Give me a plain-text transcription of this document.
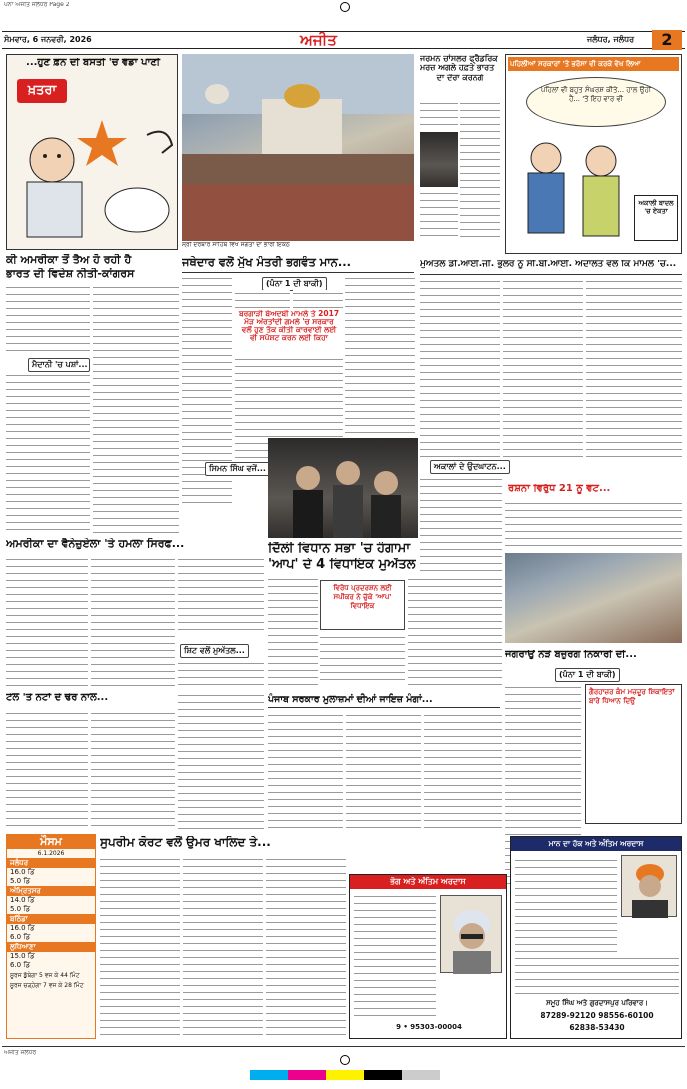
ਪੰਨਾ ਅਜੀਤ ਜਲੰਧਰ Page 2
ਸੋਮਵਾਰ, 6 ਜਨਵਰੀ, 2026	ਅਜੀਤ	ਜਲੰਧਰ, ਜਲੰਧਰ	2
...ਹੁਣ ਫ਼ੋਨ ਦੀ ਬਸਤੀ 'ਚ ਵੰਡਾ ਪਾਣੀ
ਖ਼ਤਰਾ
ਸ੍ਰੀ ਦਰਬਾਰ ਸਾਹਿਬ ਵਿਖੇ ਸੰਗਤਾਂ ਦਾ ਭਾਰੀ ਇਕੱਠ
ਜਰਮਨ ਚਾਂਸਲਰ ਫ੍ਰੈਡਰਿਕ ਮਰਜ਼ ਅਗਲੇ ਹਫ਼ਤੇ ਭਾਰਤ
ਦਾ ਦੌਰਾ ਕਰਨਗੇ
ਪਹਿਲੀਆਂ ਸਰਕਾਰਾਂ 'ਤੇ ਭਰੋਸਾ ਵੀ ਕਰਕੇ ਵੇਖ ਲਿਆ
ਪਹਿਲਾਂ ਵੀ ਬਹੁਤ ਸੰਘਰਸ਼ ਕੀਤੇ... ਹਾਲ ਉਹੀ ਹੈ... 'ਤੇ ਇਹ ਵਾਰ ਵੀ
ਅਕਾਲੀ ਬਾਦਲ 'ਚ ਏਕਤਾ
ਕੀ ਅਮਰੀਕਾ ਤੋਂ ਤੈਅ ਹੋ ਰਹੀ ਹੈ
ਭਾਰਤ ਦੀ ਵਿਦੇਸ਼ ਨੀਤੀ-ਕਾਂਗਰਸ
ਮੈਦਾਨੀ 'ਚ ਪਸ਼ਾਂ...
ਜਥੇਦਾਰ ਵਲੋਂ ਮੁੱਖ ਮੰਤਰੀ ਭਗਵੰਤ ਮਾਨ...
(ਪੰਨਾ 1 ਦੀ ਬਾਕੀ)
ਬਰਗਾੜੀ ਬੇਅਦਬੀ ਮਾਮਲੇ ਤੇ 2017
ਮੋੜ ਔਰਤਾਂਦੀ ਗਮਲੇ 'ਚ ਸਰਕਾਰ
ਵਲੋਂ ਹੁਣ ਤੱਕ ਕੀਤੀ ਕਾਰਵਾਈ ਲਈ
ਵੀ ਸਪੱਸ਼ਟ ਕਰਨ ਲਈ ਕਿਹਾ
ਸਿਮਨ ਸਿੰਘ ਵਜੋਂ...
ਮੁਅੱਤਲ ਡੀ.ਆਈ.ਜੀ. ਭੁੱਲਰ ਨੂੰ ਸੀ.ਬੀ.ਆਈ. ਅਦਾਲਤ ਵਲੋਂ ਕਿ ਮਾਮਲੇ 'ਚ...
ਅਕਾਲਾਂ ਦੇ ਉਦਘਾਟਨ...
ਰਸ਼ਨਾ ਵਿਰੁੱਧ 21 ਨੂੰ ਵੋਟ...
ਜਗਰਾਉਂ ਨੇੜੇ ਬਜ਼ੁਰਗ ਨਿਕਾਰੀ ਦੀ...
(ਪੰਨਾ 1 ਦੀ ਬਾਕੀ)
ਗੈਰਹਾਜ਼ਰ ਕੰਮ ਮਜ਼ਦੂਰ ਸ਼ਿਕਾਇਤਾਂ ਬਾਰੇ ਧਿਆਨ ਦਿਉ
ਅਮਰੀਕਾ ਦਾ ਵੈਨੇਜ਼ੁਏਲਾ 'ਤੇ ਹਮਲਾ ਸਿਰਫ...
ਸ਼ਿਟ ਵਲੋਂ ਮੁਅੱਤਲ...
ਦਿੱਲੀ ਵਿਧਾਨ ਸਭਾ 'ਚ ਹੰਗਾਮਾ
'ਆਪ' ਦੇ 4 ਵਿਧਾਇਕ ਮੁਅੱਤਲ
ਵਿਰੋਧ ਪ੍ਰਦਰਸ਼ਨ ਲਈ ਸਪੀਕਰ ਨੇ ਚੁੱਕੇ 'ਆਪ' ਵਿਧਾਇਕ
ਟੇਲ 'ਤੇ ਨੋਟਾਂ ਦੇ ਢੇਰ ਨਾਲ...	ਪੰਜਾਬ ਸਰਕਾਰ ਮੁਲਾਜ਼ਮਾਂ ਦੀਆਂ ਜਾਇਜ਼ ਮੰਗਾਂ...
ਮੌਸਮ
6.1.2026
ਜਲੰਧਰ
16.0 ਡਿ
5.0 ਡਿ
ਅੰਮ੍ਰਿਤਸਰ
14.0 ਡਿ
5.0 ਡਿ
ਬਠਿੰਡਾ
16.0 ਡਿ
6.0 ਡਿ
ਲੁਧਿਆਣਾ
15.0 ਡਿ
6.0 ਡਿ
ਸੂਰਜ ਡੁੱਬੇਗਾ 5 ਵਜ ਕੇ 44 ਮਿੰਟ
ਸੂਰਜ ਚੜ੍ਹੇਗਾ 7 ਵਜ ਕੇ 28 ਮਿੰਟ
ਸੁਪਰੀਮ ਕੋਰਟ ਵਲੋਂ ਉਮਰ ਖਾਲਿਦ ਤੇ...
ਭੋਗ ਅਤੇ ਅੰਤਿਮ ਅਰਦਾਸ
9 • 95303-00004
ਮਾਨ ਦਾ ਹੱਕ ਅਤੇ ਅੰਤਿਮ ਅਰਦਾਸ
ਸਮੂਹ ਸਿੰਘ ਅਤੇ ਗੁਰਦਾਸਪੁਰ ਪਰਿਵਾਰ।
87289-92120 98556-60100
62838-53430
ਅਜੀਤ ਜਲੰਧਰ
